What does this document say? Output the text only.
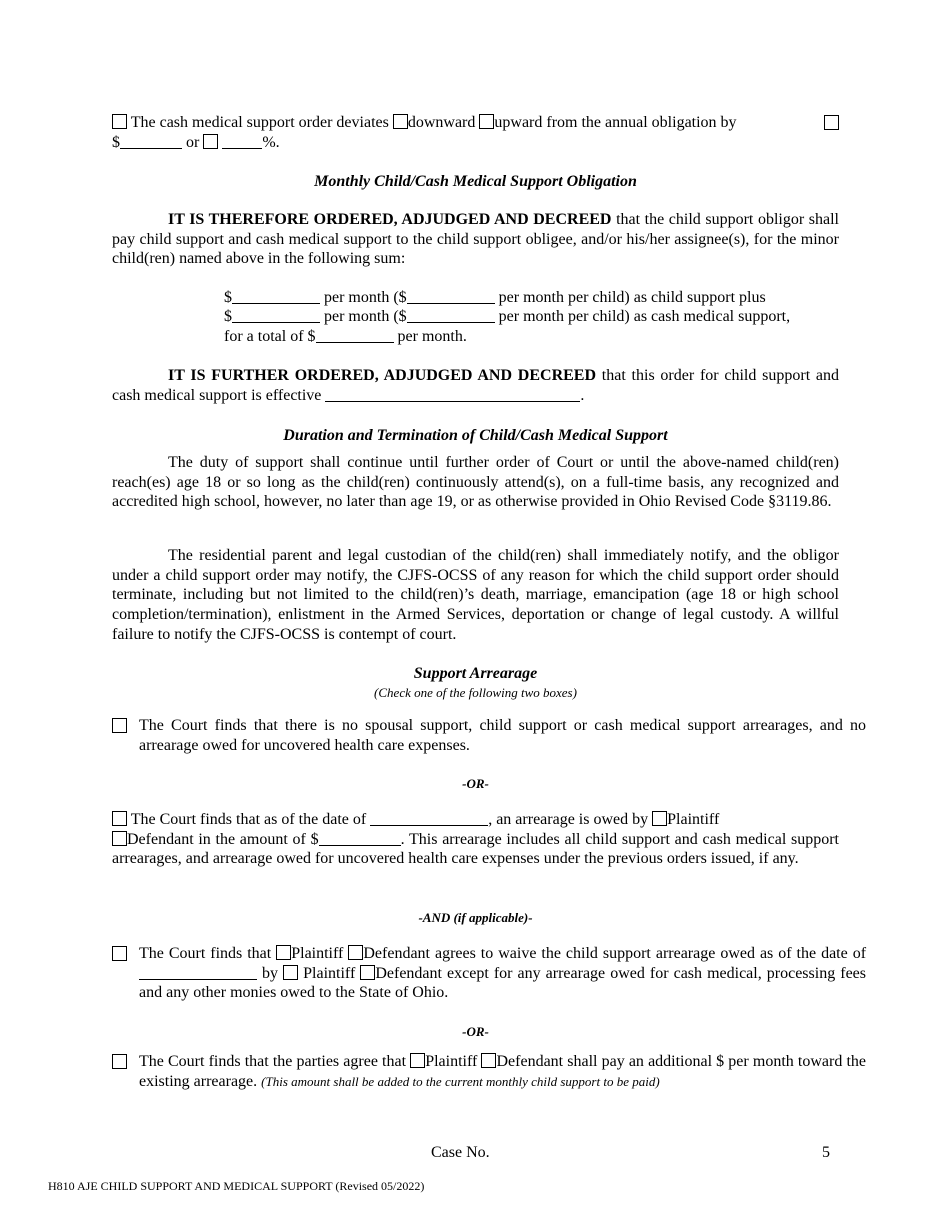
The cash medical support order deviates downward upward from the annual obligation by

$	or	%.
Monthly Child/Cash Medical Support Obligation
IT IS THEREFORE ORDERED, ADJUDGED AND DECREED that the child support obligor shall pay child support and cash medical support to the child support obligee, and/or his/her assignee(s), for the minor child(ren) named above in the following sum:
$	per month ($	per month per child) as child support plus
$	per month ($	per month per child) as cash medical support,
for a total of $	per month.
IT IS FURTHER ORDERED, ADJUDGED AND DECREED that this order for child support and cash medical support is effective	.
Duration and Termination of Child/Cash Medical Support
The duty of support shall continue until further order of Court or until the above-named child(ren) reach(es) age 18 or so long as the child(ren) continuously attend(s), on a full-time basis, any recognized and accredited high school, however, no later than age 19, or as otherwise provided in Ohio Revised Code §3119.86.
The residential parent and legal custodian of the child(ren) shall immediately notify, and the obligor under a child support order may notify, the CJFS-OCSS of any reason for which the child support order should terminate, including but not limited to the child(ren)’s death, marriage, emancipation (age 18 or high school completion/termination), enlistment in the Armed Services, deportation or change of legal custody. A willful failure to notify the CJFS-OCSS is contempt of court.
Support Arrearage
(Check one of the following two boxes)
The Court finds that there is no spousal support, child support or cash medical support arrearages, and no arrearage owed for uncovered health care expenses.
-OR-
The Court finds that as of the date of	, an arrearage is owed by Plaintiff
Defendant in the amount of $	. This arrearage includes all child support and cash medical support arrearages, and arrearage owed for uncovered health care expenses under the previous orders issued, if any.
-AND (if applicable)-
The Court finds that Plaintiff Defendant agrees to waive the child support arrearage owed as of the date of by  Plaintiff Defendant except for any arrearage owed for cash medical, processing fees and any other monies owed to the State of Ohio.
-OR-
The Court finds that the parties agree that Plaintiff Defendant shall pay an additional $ per month toward the existing arrearage. (This amount shall be added to the current monthly child support to be paid)
Case No.	5
H810 AJE CHILD SUPPORT AND MEDICAL SUPPORT (Revised 05/2022)
